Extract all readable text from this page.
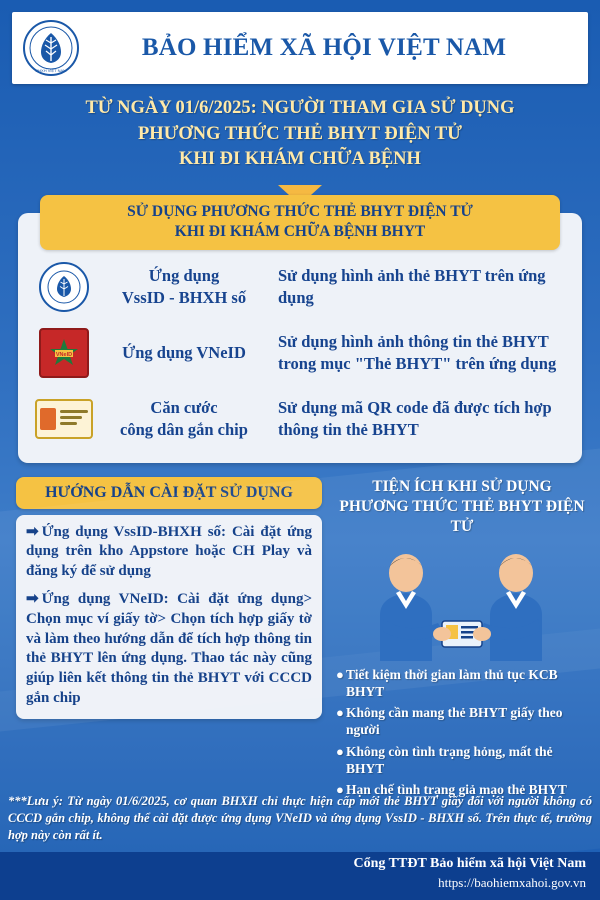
BHXH VIỆT NAM
BẢO HIỂM XÃ HỘI VIỆT NAM
TỪ NGÀY 01/6/2025: NGƯỜI THAM GIA SỬ DỤNG
PHƯƠNG THỨC THẺ BHYT ĐIỆN TỬ
KHI ĐI KHÁM CHỮA BỆNH
SỬ DỤNG PHƯƠNG THỨC THẺ BHYT ĐIỆN TỬ
KHI ĐI KHÁM CHỮA BỆNH BHYT
Ứng dụng
VssID - BHXH số
Sử dụng hình ảnh thẻ BHYT trên ứng dụng
VNeID	Ứng dụng VNeID
Sử dụng hình ảnh thông tin thẻ BHYT trong mục "Thẻ BHYT" trên ứng dụng
Căn cước
công dân gắn chip
Sử dụng mã QR code đã được tích hợp thông tin thẻ BHYT
HƯỚNG DẪN CÀI ĐẶT SỬ DỤNG
➡ Ứng dụng VssID-BHXH số: Cài đặt ứng dụng trên kho Appstore hoặc CH Play và đăng ký để sử dụng
➡ Ứng dụng VNeID: Cài đặt ứng dụng> Chọn mục ví giấy tờ> Chọn tích hợp giấy tờ và làm theo hướng dẫn để tích hợp thông tin thẻ BHYT lên ứng dụng. Thao tác này cũng giúp liên kết thông tin thẻ BHYT với CCCD gắn chip
TIỆN ÍCH KHI SỬ DỤNG
PHƯƠNG THỨC THẺ BHYT ĐIỆN TỬ
● Tiết kiệm thời gian làm thủ tục KCB BHYT
● Không cần mang thẻ BHYT giấy theo người
● Không còn tình trạng hỏng, mất thẻ BHYT
● Hạn chế tình trạng giả mạo thẻ BHYT
***Lưu ý: Từ ngày 01/6/2025, cơ quan BHXH chỉ thực hiện cấp mới thẻ BHYT giấy đối với người không có CCCD gắn chip, không thể cài đặt được ứng dụng VNeID và ứng dụng VssID - BHXH số. Trên thực tế, trường hợp này còn rất ít.
Cổng TTĐT Bảo hiểm xã hội Việt Nam
https://baohiemxahoi.gov.vn
